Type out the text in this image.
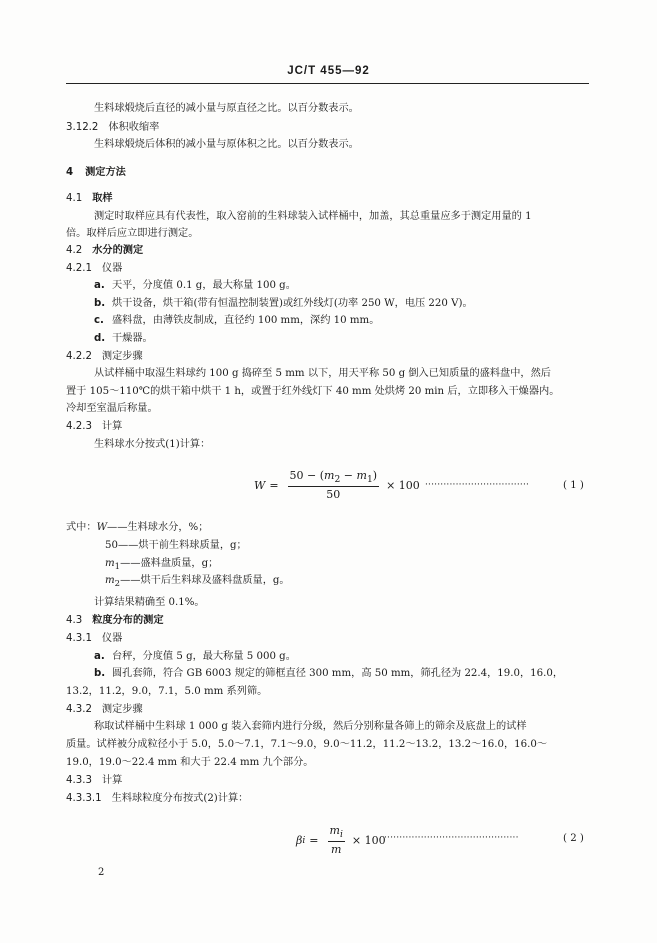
JC/T 455—92
生料球煅烧后直径的减小量与原直径之比。以百分数表示。
3.12.2 体积收缩率
生料球煅烧后体积的减小量与原体积之比。以百分数表示。
4 测定方法
4.1 取样
测定时取样应具有代表性，取入窑前的生料球装入试样桶中，加盖，其总重量应多于测定用量的 1
倍。取样后应立即进行测定。
4.2 水分的测定
4.2.1 仪器
a. 天平，分度值 0.1 g，最大称量 100 g。
b. 烘干设备，烘干箱(带有恒温控制装置)或红外线灯(功率 250 W，电压 220 V)。
c. 盛料盘，由薄铁皮制成，直径约 100 mm，深约 10 mm。
d. 干燥器。
4.2.2 测定步骤
从试样桶中取湿生料球约 100 g 捣碎至 5 mm 以下，用天平称 50 g 倒入已知质量的盛料盘中，然后
置于 105～110℃的烘干箱中烘干 1 h，或置于红外线灯下 40 mm 处烘烤 20 min 后，立即移入干燥器内。
冷却至室温后称量。
4.2.3 计算
生料球水分按式(1)计算：
$W = \frac{50 - (m_2 - m_1)}{50} \times 100$ ··································	( 1 )
式中：W——生料球水分，%；
50——烘干前生料球质量，g；
$m_1——$盛料盘质量，g；
$m_2——$烘干后生料球及盛料盘质量，g。
计算结果精确至 0.1%。
4.3 粒度分布的测定
4.3.1 仪器
a. 台秤，分度值 5 g，最大称量 5 000 g。
b. 圆孔套筛，符合 GB 6003 规定的筛框直径 300 mm，高 50 mm，筛孔径为 22.4，19.0，16.0，
13.2，11.2，9.0，7.1，5.0 mm 系列筛。
4.3.2 测定步骤
称取试样桶中生料球 1 000 g 装入套筛内进行分级，然后分别称量各筛上的筛余及底盘上的试样
质量。试样被分成粒径小于 5.0，5.0～7.1，7.1～9.0，9.0～11.2，11.2～13.2，13.2～16.0，16.0～
19.0，19.0～22.4 mm 和大于 22.4 mm 九个部分。
4.3.3 计算
4.3.3.1 生料球粒度分布按式(2)计算：
β $i = \frac{m_i}{m} \times 100$
············································	( 2 )
2
